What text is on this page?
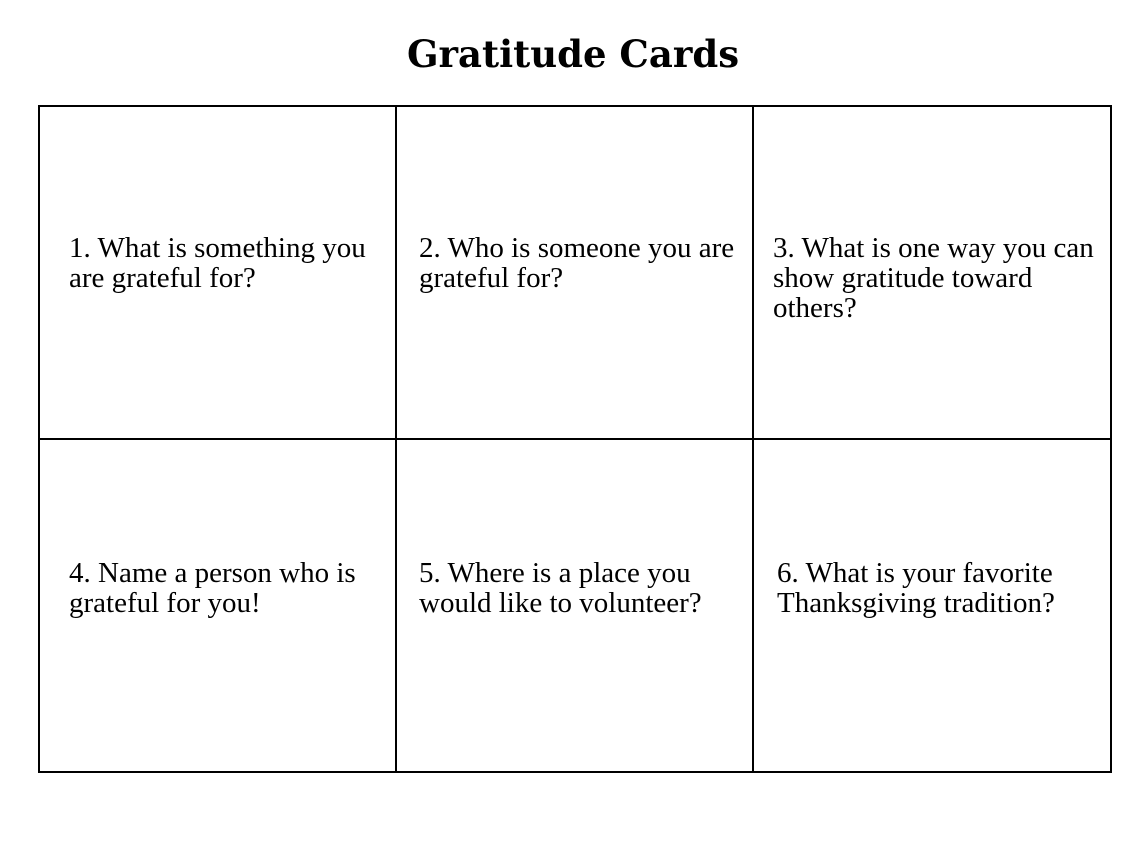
Gratitude Cards

1. What is something you are grateful for?

2. Who is someone you are grateful for?

3. What is one way you can show gratitude toward others?

4. Name a person who is grateful for you!

5. Where is a place you would like to volunteer?

6. What is your favorite Thanksgiving tradition?
